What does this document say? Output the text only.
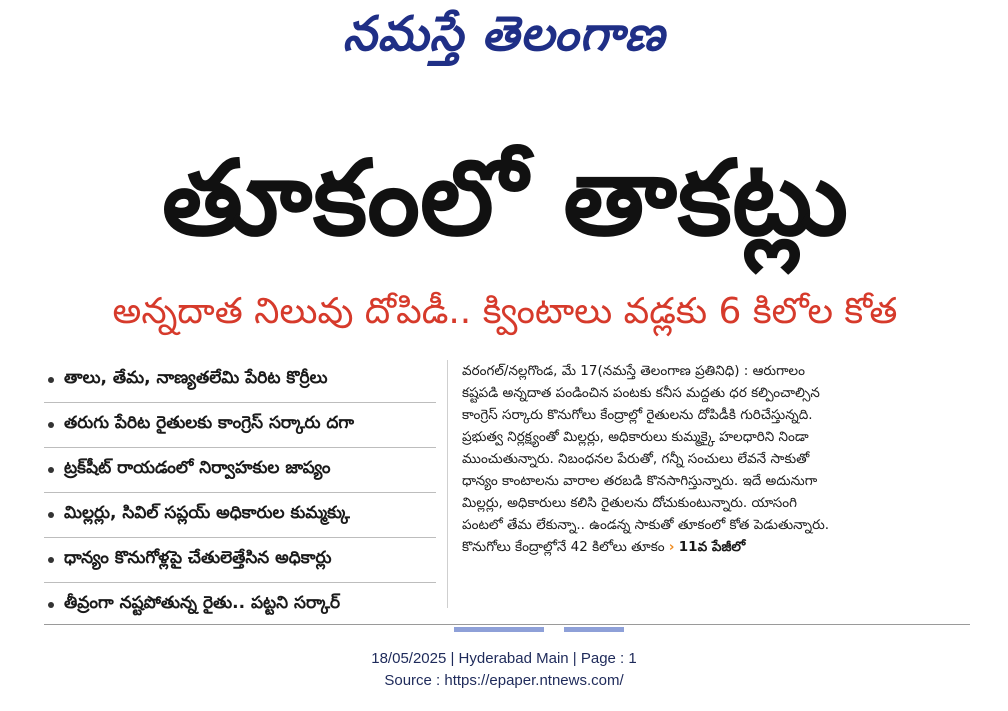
నమస్తే తెలంగాణ
తూకంలో తాకట్లు
అన్నదాత నిలువు దోపిడీ.. క్వింటాలు వడ్లకు 6 కిలోల కోత
తాలు, తేమ, నాణ్యతలేమి పేరిట కొర్రీలు
తరుగు పేరిట రైతులకు కాంగ్రెస్ సర్కారు దగా
ట్రక్‌షీట్ రాయడంలో నిర్వాహకుల జాప్యం
మిల్లర్లు, సివిల్ సప్లయ్ అధికారుల కుమ్మక్కు
ధాన్యం కొనుగోళ్లపై చేతులెత్తేసిన అధికార్లు
తీవ్రంగా నష్టపోతున్న రైతు.. పట్టని సర్కార్
వరంగల్/నల్లగొండ, మే 17(నమస్తే తెలంగాణ ప్రతినిధి) : ఆరుగాలం
కష్టపడి అన్నదాత పండించిన పంటకు కనీస మద్దతు ధర కల్పించాల్సిన
కాంగ్రెస్ సర్కారు కొనుగోలు కేంద్రాల్లో రైతులను దోపిడీకి గురిచేస్తున్నది.
ప్రభుత్వ నిర్లక్ష్యంతో మిల్లర్లు, అధికారులు కుమ్మక్కై హలధారిని నిండా
ముంచుతున్నారు. నిబంధనల పేరుతో, గన్నీ సంచులు లేవనే సాకుతో
ధాన్యం కాంటాలను వారాల తరబడి కొనసాగిస్తున్నారు. ఇదే అదునుగా
మిల్లర్లు, అధికారులు కలిసి రైతులను దోచుకుంటున్నారు. యాసంగి
పంటలో తేమ లేకున్నా.. ఉండన్న సాకుతో తూకంలో కోత పెడుతున్నారు.
కొనుగోలు కేంద్రాల్లోనే 42 కిలోలు తూకం › 11వ పేజీలో
18/05/2025 | Hyderabad Main | Page : 1
Source : https://epaper.ntnews.com/
